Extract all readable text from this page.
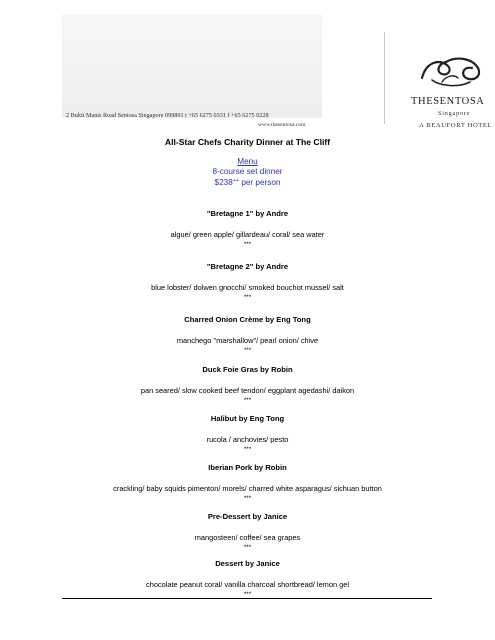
2 Bukit Manis Road Sentosa Singapore 099891 t +65 6275 0331 f +65 6275 0228
www.thesentosa.com
THESENTOSA
Singapore
A BEAUFORT HOTEL
All-Star Chefs Charity Dinner at The Cliff
Menu
8-course set dinner
$238++ per person
"Bretagne 1" by Andre
algue/ green apple/ gillardeau/ coral/ sea water
***
"Bretagne 2" by Andre
blue lobster/ dolwen gnocchi/ smoked bouchot mussel/ salt
***
Charred Onion Crème by Eng Tong
manchego "marshallow"/ pearl onion/ chive
***
Duck Foie Gras by Robin
pan seared/ slow cooked beef tendon/ eggplant agedashi/ daikon
***
Halibut by Eng Tong
rucola / anchovies/ pesto
***
Iberian Pork by Robin
crackling/ baby squids pimenton/ morels/ charred white asparagus/ sichuan button
***
Pre-Dessert by Janice
mangosteen/ coffee/ sea grapes
***
Dessert by Janice
chocolate peanut coral/ vanilla charcoal shortbread/ lemon gel
***
